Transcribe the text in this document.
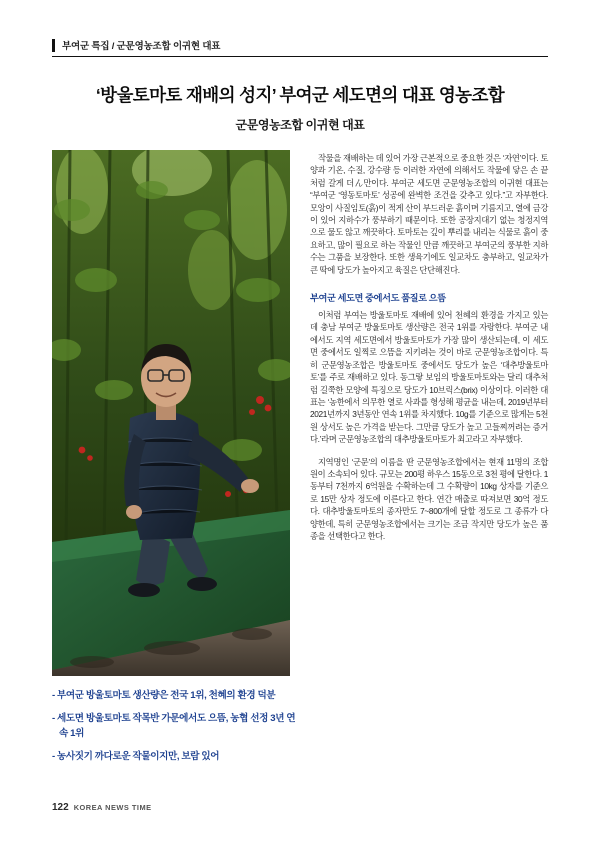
부여군 특집 / 군문영농조합 이귀현 대표
‘방울토마토 재배의 성지’ 부여군 세도면의 대표 영농조합
군문영농조합 이귀현 대표
- 부여군 방울토마토 생산량은 전국 1위, 천혜의 환경 덕분
- 세도면 방울토마토 작목반 가문에서도 으뜸, 농협 선정 3년 연속 1위
- 농사짓기 까다로운 작물이지만, 보람 있어

작물을 재배하는 데 있어 가장 근본적으로 중요한 것은 ‘자연’이다. 토양과 기온, 수질, 강수량 등 이러한 자연에 의해서도 작물에 닿은 손 끝처럼 갈게 더ん만이다. 부여군 세도면 군문영농조합의 이귀현 대표는 “부여군 ‘영동토마토’ 성공에 완벽한 조건을 갖추고 있다.”고 자부한다. 모앙이 사질임토(흙)이 적게 산이 부드러운 흙이며 기름지고, 열에 금강이 있어 지하수가 풍부하기 때문이다. 또한 공장지대기 없는 청정지역으로 물도 않고 깨끗하다. 토마토는 깊이 뿌리를 내리는 식물로 흙이 중요하고, 많이 필요로 하는 작물인 만큼 깨끗하고 부여군의 풍부한 지하수는 그품을 보장한다. 또한 생육기에도 일교차도 충부하고, 일교차가 큰 딱에 당도가 높아지고 육질은 단단해진다.

부여군 세도면 중에서도 품질로 으뜸

이처럼 부여는 방울토마토 재배에 있어 천혜의 환경을 가지고 있는데 충남 부여군 방울토마토 생산량은 전국 1위를 자랑한다. 부여군 내에서도 지역 세도면에서 방울토마토가 가장 많이 생산되는데, 이 세도면 중에서도 일찍로 으뜸을 지키려는 것이 바로 군문영농조합이다. 특히 군문영농조합은 방울토마토 중에서도 당도가 높은 ‘대추방울토마토’를 주로 재배하고 있다. 동그랗 보임의 방울토마토와는 달리 대추처럼 길쭉한 모양에 특징으로 당도가 10브릭스(brix) 이상이다. 이러한 대표는 ‘농한에서 의무한 열로 사과를 형성해 평균을 내는데, 2019년부터 2021년까지 3년동안 연속 1위를 차지했다. 10g를 기준으로 많게는 5천원 상서도 높은 가격을 받는다. 그만큼 당도가 높고 고들찌꺼려는 증거다.’라며 군문영농조합의 대추방울토마토가 최고라고 자부했다.

지역명인 ‘군문’의 이름을 딴 군문영농조합에서는 현재 11명의 조합원이 소속되어 있다. 규모는 200평 하우스 15동으로 3천 평에 달한다. 1동부터 7천까지 6억원을 수확하는데 그 수확량이 10kg 상자를 기준으로 15만 상자 정도에 이른다고 한다. 연간 매출로 따져보면 30억 정도다. 대추방울토마토의 종자만도 7~800개에 달할 정도로 그 종류가 다양한데, 특히 군문영농조합에서는 크기는 조금 작지만 당도가 높은 품종을 선택한다고 한다.

122 KOREA NEWS TIME
